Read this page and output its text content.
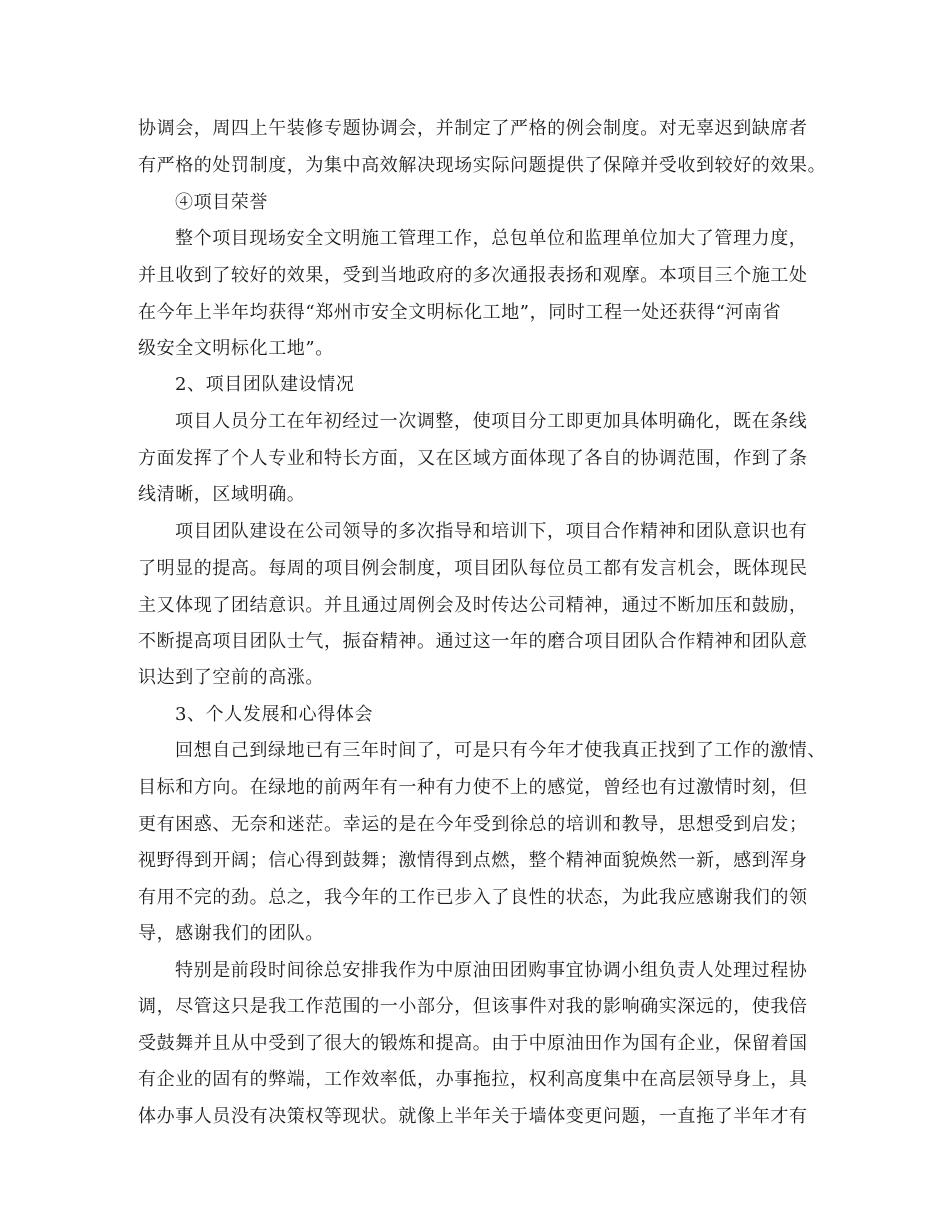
协调会，周四上午装修专题协调会，并制定了严格的例会制度。对无辜迟到缺席者
有严格的处罚制度，为集中高效解决现场实际问题提供了保障并受收到较好的效果。
④项目荣誉
整个项目现场安全文明施工管理工作，总包单位和监理单位加大了管理力度，
并且收到了较好的效果，受到当地政府的多次通报表扬和观摩。本项目三个施工处
在今年上半年均获得“郑州市安全文明标化工地”，同时工程一处还获得“河南省
级安全文明标化工地”。
2、项目团队建设情况
项目人员分工在年初经过一次调整，使项目分工即更加具体明确化，既在条线
方面发挥了个人专业和特长方面，又在区域方面体现了各自的协调范围，作到了条
线清晰，区域明确。
项目团队建设在公司领导的多次指导和培训下，项目合作精神和团队意识也有
了明显的提高。每周的项目例会制度，项目团队每位员工都有发言机会，既体现民
主又体现了团结意识。并且通过周例会及时传达公司精神，通过不断加压和鼓励，
不断提高项目团队士气，振奋精神。通过这一年的磨合项目团队合作精神和团队意
识达到了空前的高涨。
3、个人发展和心得体会
回想自己到绿地已有三年时间了，可是只有今年才使我真正找到了工作的激情、
目标和方向。在绿地的前两年有一种有力使不上的感觉，曾经也有过激情时刻，但
更有困惑、无奈和迷茫。幸运的是在今年受到徐总的培训和教导，思想受到启发；
视野得到开阔；信心得到鼓舞；激情得到点燃，整个精神面貌焕然一新，感到浑身
有用不完的劲。总之，我今年的工作已步入了良性的状态，为此我应感谢我们的领
导，感谢我们的团队。
特别是前段时间徐总安排我作为中原油田团购事宜协调小组负责人处理过程协
调，尽管这只是我工作范围的一小部分，但该事件对我的影响确实深远的，使我倍
受鼓舞并且从中受到了很大的锻炼和提高。由于中原油田作为国有企业，保留着国
有企业的固有的弊端，工作效率低，办事拖拉，权利高度集中在高层领导身上，具
体办事人员没有决策权等现状。就像上半年关于墙体变更问题，一直拖了半年才有
